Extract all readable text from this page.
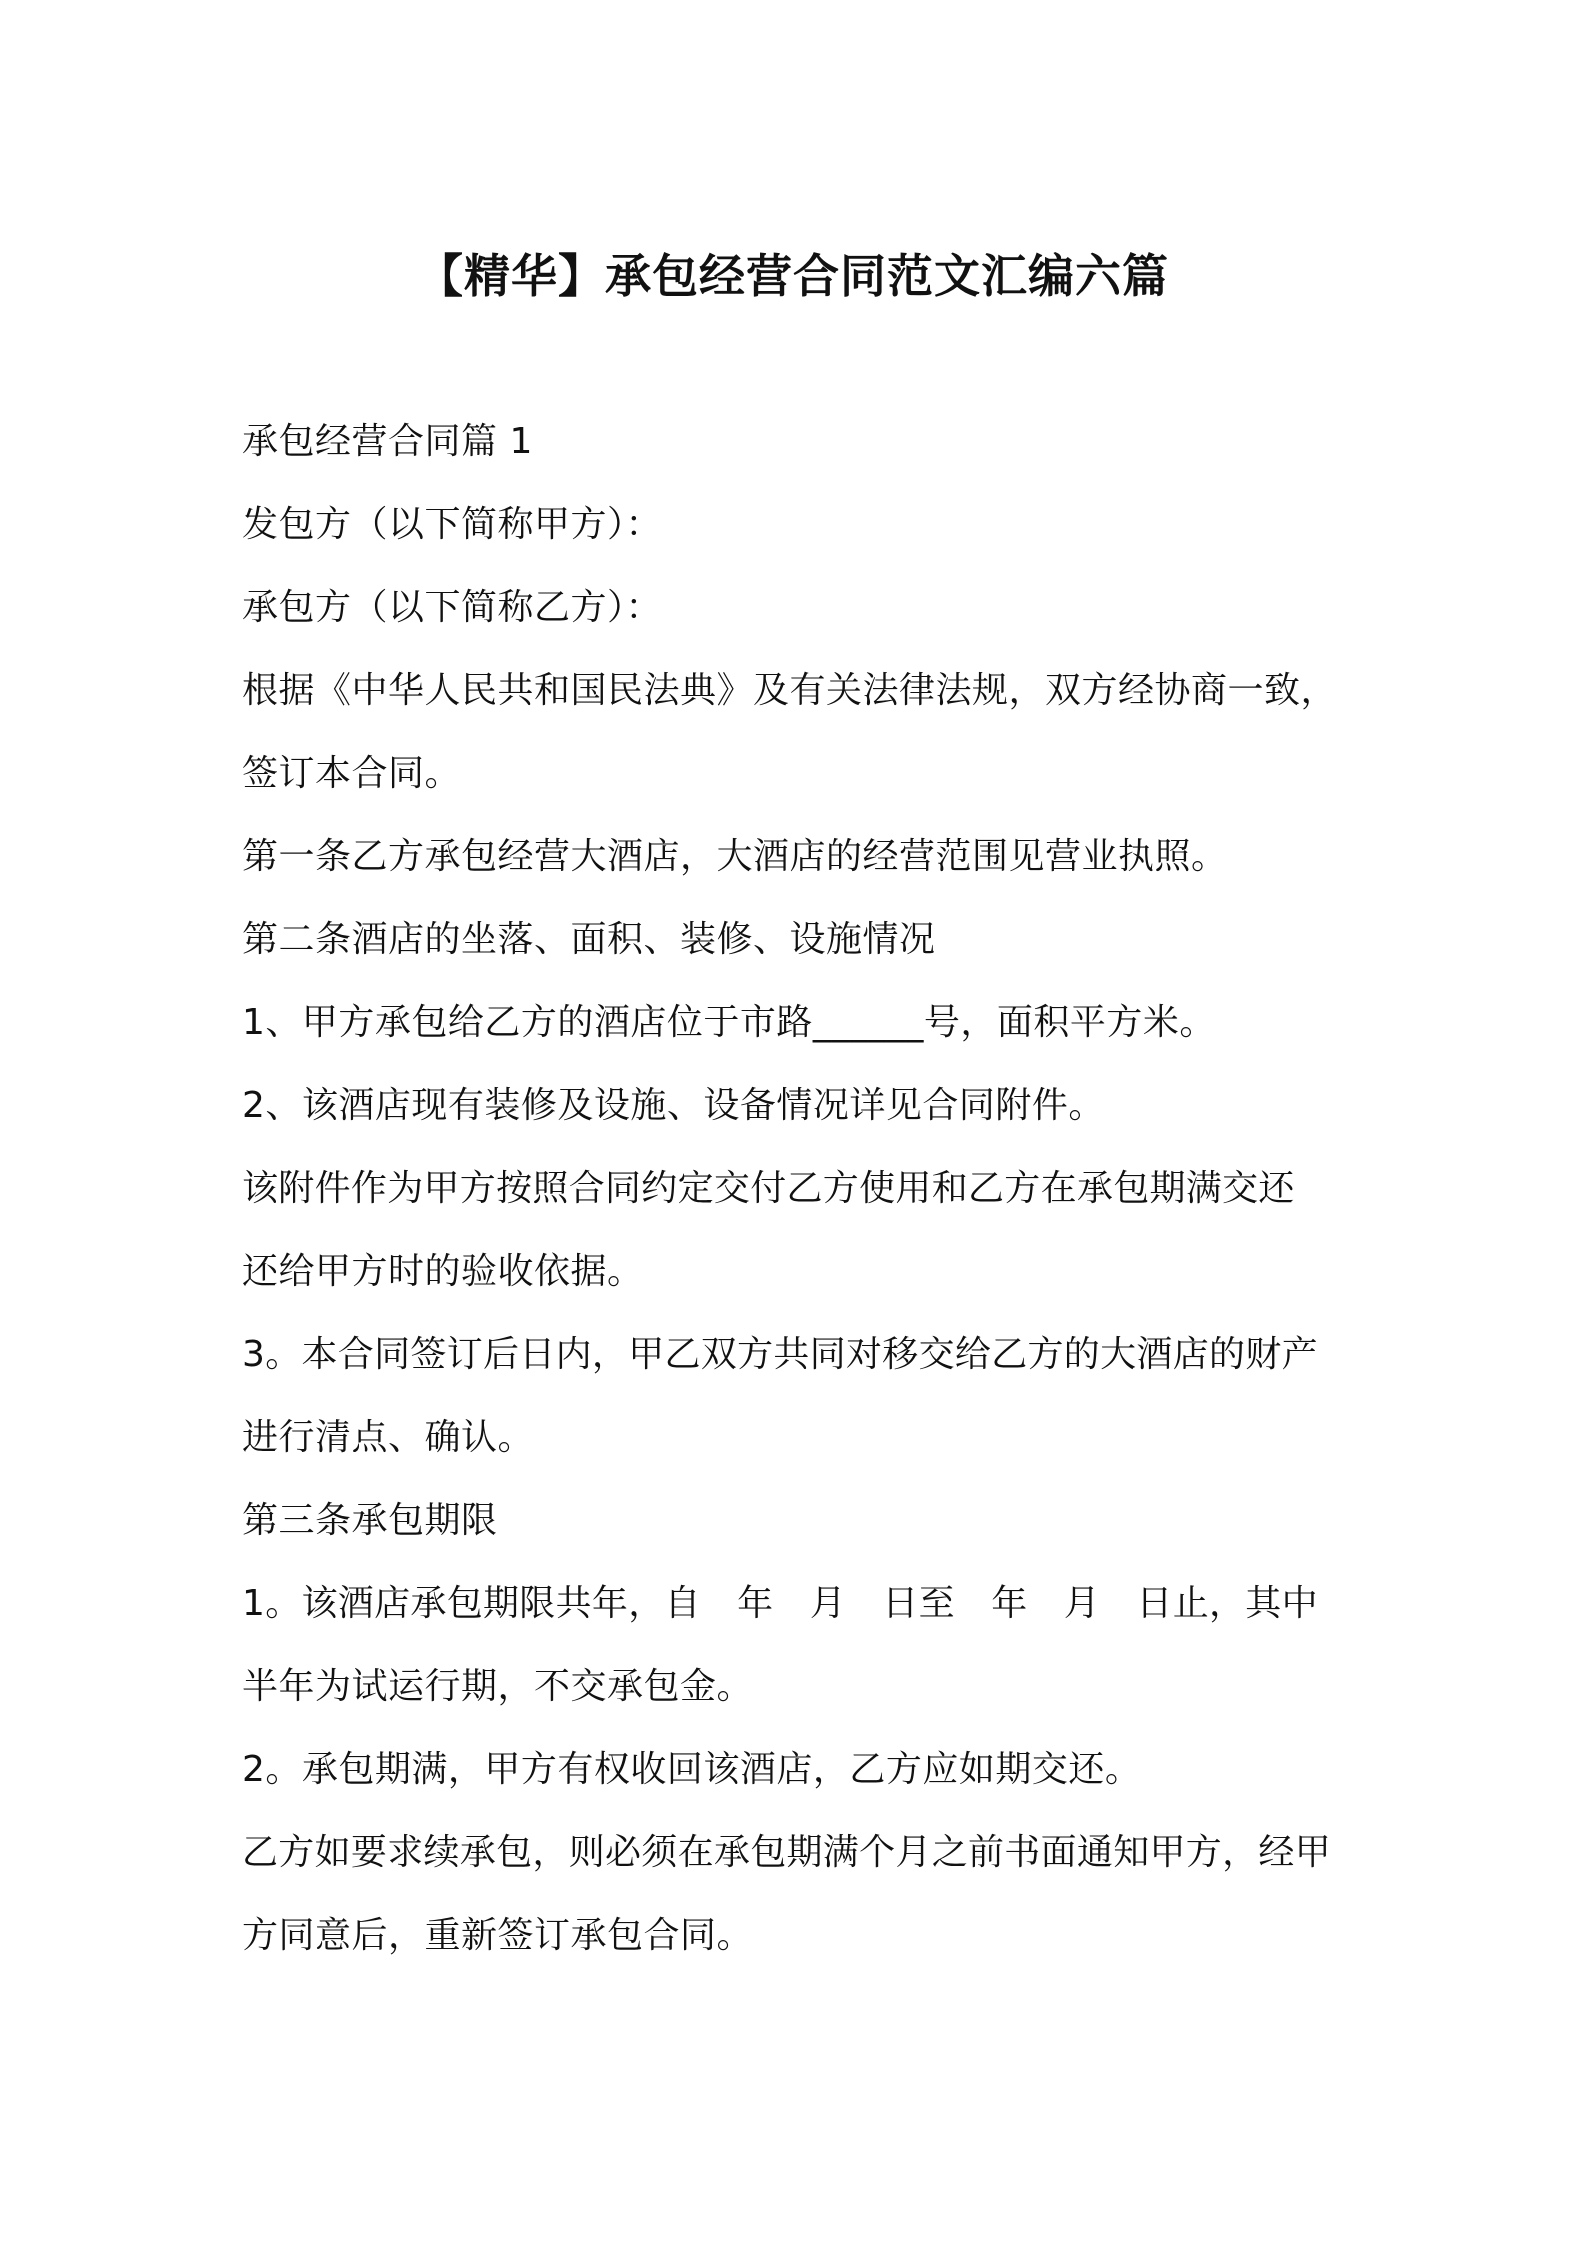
【精华】承包经营合同范文汇编六篇

承包经营合同篇 1

发包方（以下简称甲方）：

承包方（以下简称乙方）：

根据《中华人民共和国民法典》及有关法律法规，双方经协商一致，

签订本合同。

第一条乙方承包经营大酒店，大酒店的经营范围见营业执照。

第二条酒店的坐落、面积、装修、设施情况

1、甲方承包给乙方的酒店位于市路______号，面积平方米。

2、该酒店现有装修及设施、设备情况详见合同附件。

该附件作为甲方按照合同约定交付乙方使用和乙方在承包期满交还

还给甲方时的验收依据。

3。本合同签订后日内，甲乙双方共同对移交给乙方的大酒店的财产

进行清点、确认。

第三条承包期限

1。该酒店承包期限共年，自　年　月　日至　年　月　日止，其中

半年为试运行期，不交承包金。

2。承包期满，甲方有权收回该酒店，乙方应如期交还。

乙方如要求续承包，则必须在承包期满个月之前书面通知甲方，经甲

方同意后，重新签订承包合同。
